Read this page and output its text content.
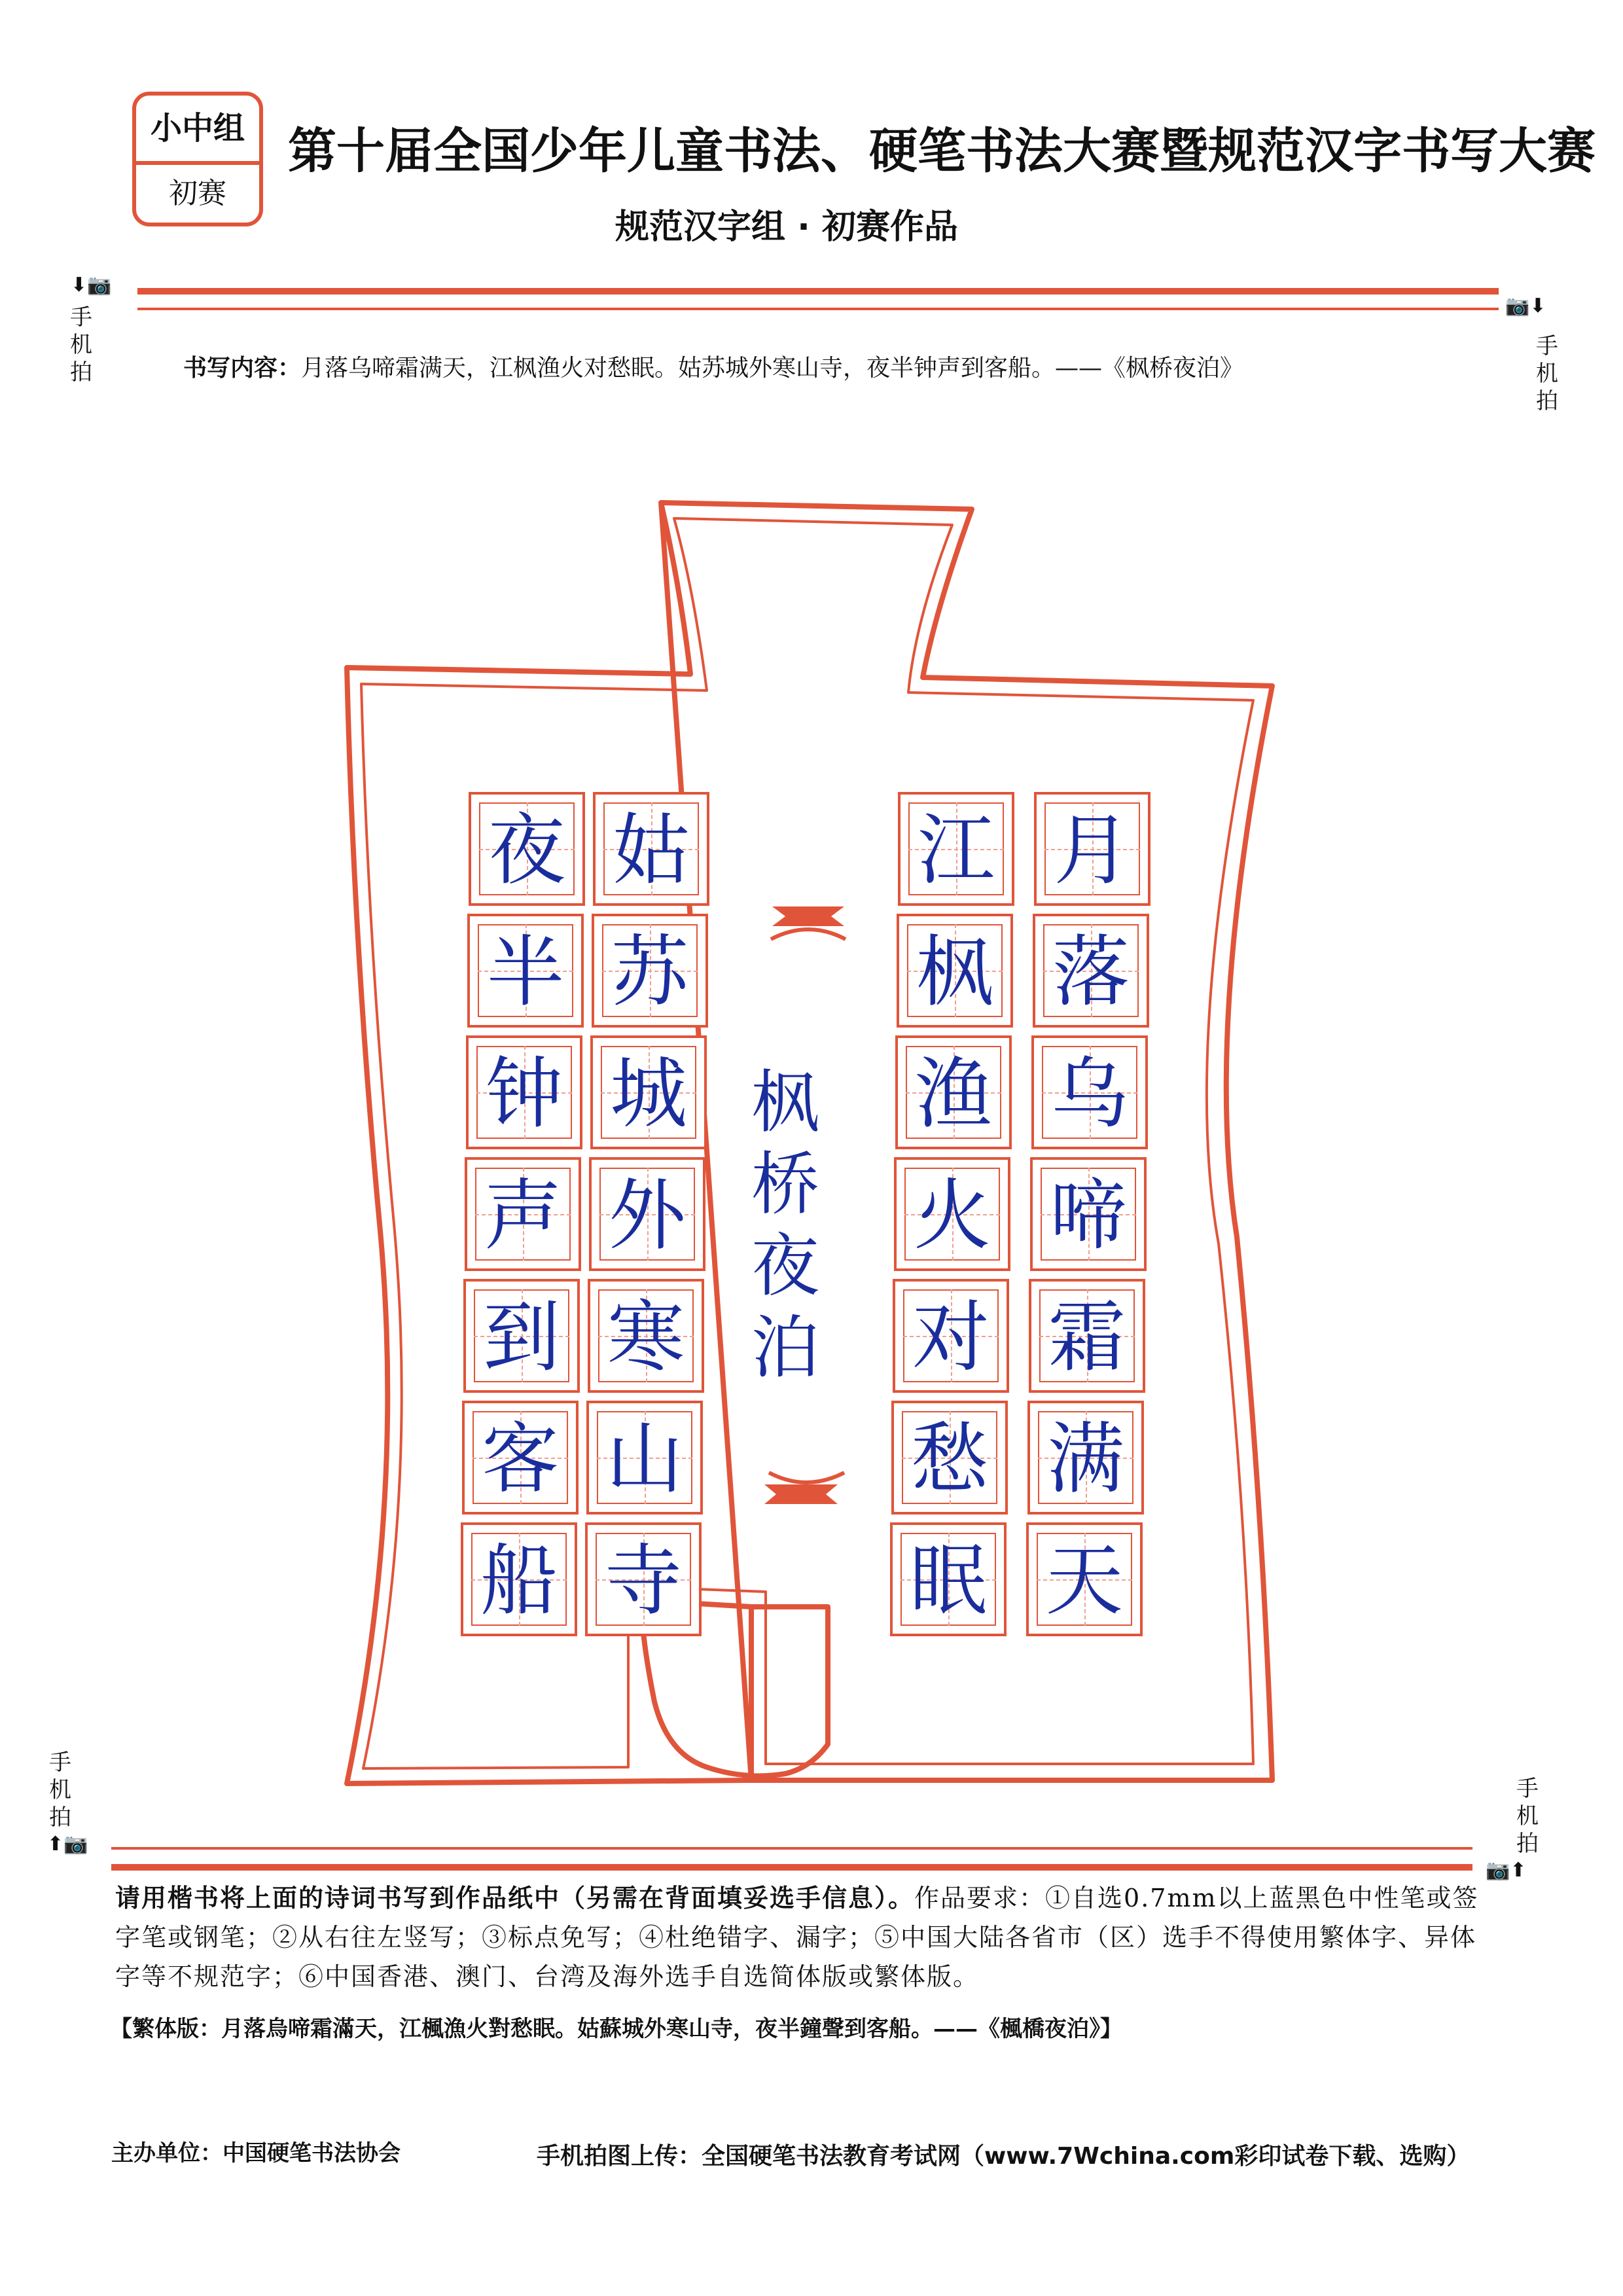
小中组
初赛
第十届全国少年儿童书法、硬笔书法大赛暨规范汉字书写大赛
规范汉字组 · 初赛作品
⬇📷
手
机
拍
📷⬇
手
机
拍
书写内容：月落乌啼霜满天，江枫渔火对愁眠。姑苏城外寒山寺，夜半钟声到客船。——《枫桥夜泊》
月
落
乌
啼
霜
满
天
江
枫
渔
火
对
愁
眠
姑
苏
城
外
寒
山
寺
夜
半
钟
声
到
客
船
枫
桥
夜
泊
手
机
拍
⬆📷
手
机
拍
📷⬆
请用楷书将上面的诗词书写到作品纸中（另需在背面填妥选手信息）。作品要求：①自选0.7mm以上蓝黑色中性笔或签字笔或钢笔；②从右往左竖写；③标点免写；④杜绝错字、漏字；⑤中国大陆各省市（区）选手不得使用繁体字、异体字等不规范字；⑥中国香港、澳门、台湾及海外选手自选简体版或繁体版。
【繁体版：月落烏啼霜滿天，江楓漁火對愁眠。姑蘇城外寒山寺，夜半鐘聲到客船。——《楓橋夜泊》】
主办单位：中国硬笔书法协会	手机拍图上传：全国硬笔书法教育考试网（www.7Wchina.com彩印试卷下载、选购）
